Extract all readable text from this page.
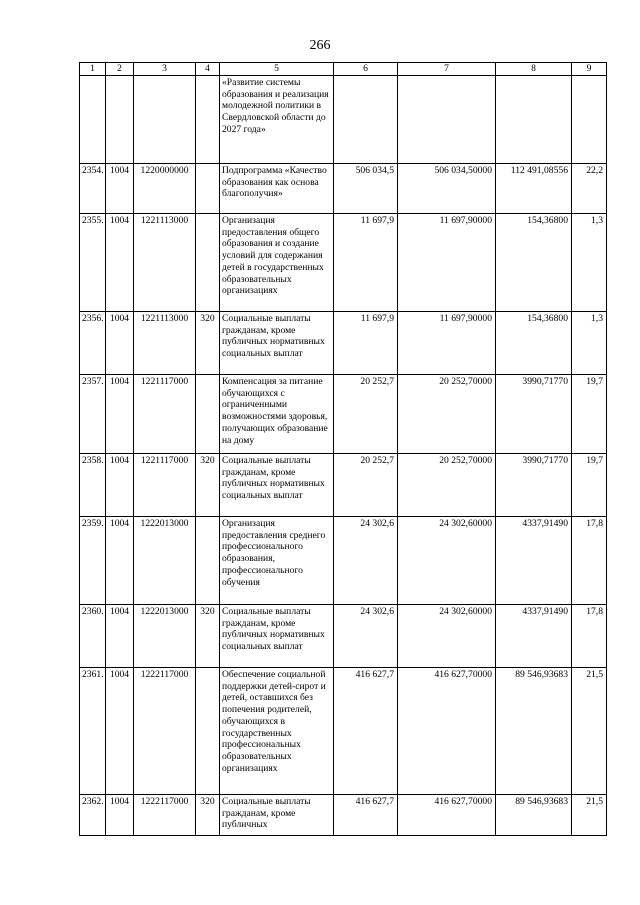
266
1	2	3	4	5	6	7	8	9
				«Развитие системы образования и реализация молодежной политики в Свердловской области до 2027 года»				
2354.	1004	1220000000		Подпрограмма «Качество образования как основа благополучия»	506 034,5	506 034,50000	112 491,08556	22,2
2355.	1004	1221113000		Организация предоставления общего образования и создание условий для содержания детей в государственных образовательных организациях	11 697,9	11 697,90000	154,36800	1,3
2356.	1004	1221113000	320	Социальные выплаты гражданам, кроме публичных нормативных социальных выплат	11 697,9	11 697,90000	154,36800	1,3
2357.	1004	1221117000		Компенсация за питание обучающихся с ограниченными возможностями здоровья, получающих образование на дому	20 252,7	20 252,70000	3990,71770	19,7
2358.	1004	1221117000	320	Социальные выплаты гражданам, кроме публичных нормативных социальных выплат	20 252,7	20 252,70000	3990,71770	19,7
2359.	1004	1222013000		Организация предоставления среднего профессионального образования, профессионального обучения	24 302,6	24 302,60000	4337,91490	17,8
2360.	1004	1222013000	320	Социальные выплаты гражданам, кроме публичных нормативных социальных выплат	24 302,6	24 302,60000	4337,91490	17,8
2361.	1004	1222117000		Обеспечение социальной поддержки детей-сирот и детей, оставшихся без попечения родителей, обучающихся в государственных профессиональных образовательных организациях	416 627,7	416 627,70000	89 546,93683	21,5
2362.	1004	1222117000	320	Социальные выплаты гражданам, кроме публичных	416 627,7	416 627,70000	89 546,93683	21,5
